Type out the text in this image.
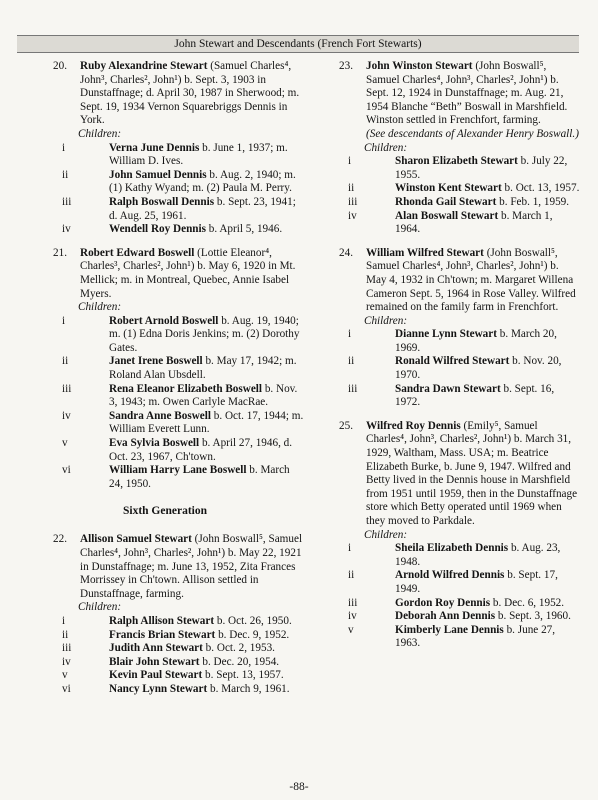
John Stewart and Descendants (French Fort Stewarts)
20. Ruby Alexandrine Stewart (Samuel Charles⁴, John³, Charles², John¹) b. Sept. 3, 1903 in Dunstaffnage; d. April 30, 1987 in Sherwood; m. Sept. 19, 1934 Vernon Squarebriggs Dennis in York.
Children:
i	Verna June Dennis b. June 1, 1937; m. William D. Ives.
ii	John Samuel Dennis b. Aug. 2, 1940; m. (1) Kathy Wyand; m. (2) Paula M. Perry.
iii	Ralph Boswall Dennis b. Sept. 23, 1941; d. Aug. 25, 1961.
iv	Wendell Roy Dennis b. April 5, 1946.
21. Robert Edward Boswell (Lottie Eleanor⁴, Charles³, Charles², John¹) b. May 6, 1920 in Mt. Mellick; m. in Montreal, Quebec, Annie Isabel Myers.
Children:
i	Robert Arnold Boswell b. Aug. 19, 1940; m. (1) Edna Doris Jenkins; m. (2) Dorothy Gates.
ii	Janet Irene Boswell b. May 17, 1942; m. Roland Alan Ubsdell.
iii	Rena Eleanor Elizabeth Boswell b. Nov. 3, 1943; m. Owen Carlyle MacRae.
iv	Sandra Anne Boswell b. Oct. 17, 1944; m. William Everett Lunn.
v	Eva Sylvia Boswell b. April 27, 1946, d. Oct. 23, 1967, Ch'town.
vi	William Harry Lane Boswell b. March 24, 1950.
Sixth Generation
22. Allison Samuel Stewart (John Boswall⁵, Samuel Charles⁴, John³, Charles², John¹) b. May 22, 1921 in Dunstaffnage; m. June 13, 1952, Zita Frances Morrissey in Ch'town. Allison settled in Dunstaffnage, farming.
Children:
i	Ralph Allison Stewart b. Oct. 26, 1950.
ii	Francis Brian Stewart b. Dec. 9, 1952.
iii	Judith Ann Stewart b. Oct. 2, 1953.
iv	Blair John Stewart b. Dec. 20, 1954.
v	Kevin Paul Stewart b. Sept. 13, 1957.
vi	Nancy Lynn Stewart b. March 9, 1961.
23. John Winston Stewart (John Boswall⁵, Samuel Charles⁴, John³, Charles², John¹) b. Sept. 12, 1924 in Dunstaffnage; m. Aug. 21, 1954 Blanche “Beth” Boswall in Marshfield. Winston settled in Frenchfort, farming.
(See descendants of Alexander Henry Boswall.)
Children:
i	Sharon Elizabeth Stewart b. July 22, 1955.
ii	Winston Kent Stewart b. Oct. 13, 1957.
iii	Rhonda Gail Stewart b. Feb. 1, 1959.
iv	Alan Boswall Stewart b. March 1, 1964.
24. William Wilfred Stewart (John Boswall⁵, Samuel Charles⁴, John³, Charles², John¹) b. May 4, 1932 in Ch'town; m. Margaret Willena Cameron Sept. 5, 1964 in Rose Valley. Wilfred remained on the family farm in Frenchfort.
Children:
i	Dianne Lynn Stewart b. March 20, 1969.
ii	Ronald Wilfred Stewart b. Nov. 20, 1970.
iii	Sandra Dawn Stewart b. Sept. 16, 1972.
25. Wilfred Roy Dennis (Emily⁵, Samuel Charles⁴, John³, Charles², John¹) b. March 31, 1929, Waltham, Mass. USA; m. Beatrice Elizabeth Burke, b. June 9, 1947. Wilfred and Betty lived in the Dennis house in Marshfield from 1951 until 1959, then in the Dunstaffnage store which Betty operated until 1969 when they moved to Parkdale.
Children:
i	Sheila Elizabeth Dennis b. Aug. 23, 1948.
ii	Arnold Wilfred Dennis b. Sept. 17, 1949.
iii	Gordon Roy Dennis b. Dec. 6, 1952.
iv	Deborah Ann Dennis b. Sept. 3, 1960.
v	Kimberly Lane Dennis b. June 27, 1963.
-88-
